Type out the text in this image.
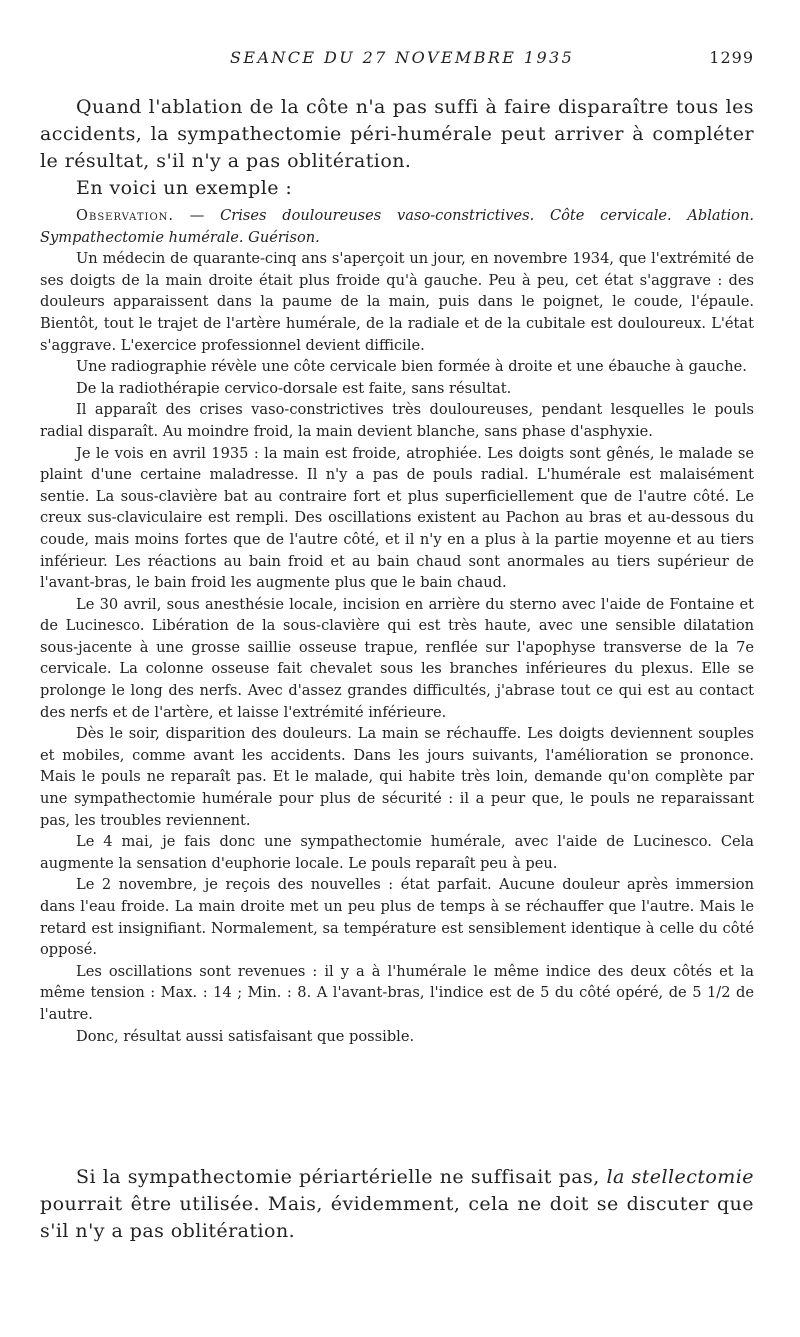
SEANCE DU 27 NOVEMBRE 1935	1299

Quand l'ablation de la côte n'a pas suffi à faire disparaître tous les accidents, la sympathectomie péri-humérale peut arriver à compléter le résultat, s'il n'y a pas oblitération.

En voici un exemple :

Observation. — Crises douloureuses vaso-constrictives. Côte cervicale. Ablation. Sympathectomie humérale. Guérison.

Un médecin de quarante-cinq ans s'aperçoit un jour, en novembre 1934, que l'extrémité de ses doigts de la main droite était plus froide qu'à gauche. Peu à peu, cet état s'aggrave : des douleurs apparaissent dans la paume de la main, puis dans le poignet, le coude, l'épaule. Bientôt, tout le trajet de l'artère humérale, de la radiale et de la cubitale est douloureux. L'état s'aggrave. L'exercice professionnel devient difficile.

Une radiographie révèle une côte cervicale bien formée à droite et une ébauche à gauche.

De la radiothérapie cervico-dorsale est faite, sans résultat.

Il apparaît des crises vaso-constrictives très douloureuses, pendant lesquelles le pouls radial disparaît. Au moindre froid, la main devient blanche, sans phase d'asphyxie.

Je le vois en avril 1935 : la main est froide, atrophiée. Les doigts sont gênés, le malade se plaint d'une certaine maladresse. Il n'y a pas de pouls radial. L'humérale est malaisément sentie. La sous-clavière bat au contraire fort et plus superficiellement que de l'autre côté. Le creux sus-claviculaire est rempli. Des oscillations existent au Pachon au bras et au-dessous du coude, mais moins fortes que de l'autre côté, et il n'y en a plus à la partie moyenne et au tiers inférieur. Les réactions au bain froid et au bain chaud sont anormales au tiers supérieur de l'avant-bras, le bain froid les augmente plus que le bain chaud.

Le 30 avril, sous anesthésie locale, incision en arrière du sterno avec l'aide de Fontaine et de Lucinesco. Libération de la sous-clavière qui est très haute, avec une sensible dilatation sous-jacente à une grosse saillie osseuse trapue, renflée sur l'apophyse transverse de la 7e cervicale. La colonne osseuse fait chevalet sous les branches inférieures du plexus. Elle se prolonge le long des nerfs. Avec d'assez grandes difficultés, j'abrase tout ce qui est au contact des nerfs et de l'artère, et laisse l'extrémité inférieure.

Dès le soir, disparition des douleurs. La main se réchauffe. Les doigts deviennent souples et mobiles, comme avant les accidents. Dans les jours suivants, l'amélioration se prononce. Mais le pouls ne reparaît pas. Et le malade, qui habite très loin, demande qu'on complète par une sympathectomie humérale pour plus de sécurité : il a peur que, le pouls ne reparaissant pas, les troubles reviennent.

Le 4 mai, je fais donc une sympathectomie humérale, avec l'aide de Lucinesco. Cela augmente la sensation d'euphorie locale. Le pouls reparaît peu à peu.

Le 2 novembre, je reçois des nouvelles : état parfait. Aucune douleur après immersion dans l'eau froide. La main droite met un peu plus de temps à se réchauffer que l'autre. Mais le retard est insignifiant. Normalement, sa température est sensiblement identique à celle du côté opposé.

Les oscillations sont revenues : il y a à l'humérale le même indice des deux côtés et la même tension : Max. : 14 ; Min. : 8. A l'avant-bras, l'indice est de 5 du côté opéré, de 5 1/2 de l'autre.

Donc, résultat aussi satisfaisant que possible.

Si la sympathectomie périartérielle ne suffisait pas, la stellectomie pourrait être utilisée. Mais, évidemment, cela ne doit se discuter que s'il n'y a pas oblitération.
